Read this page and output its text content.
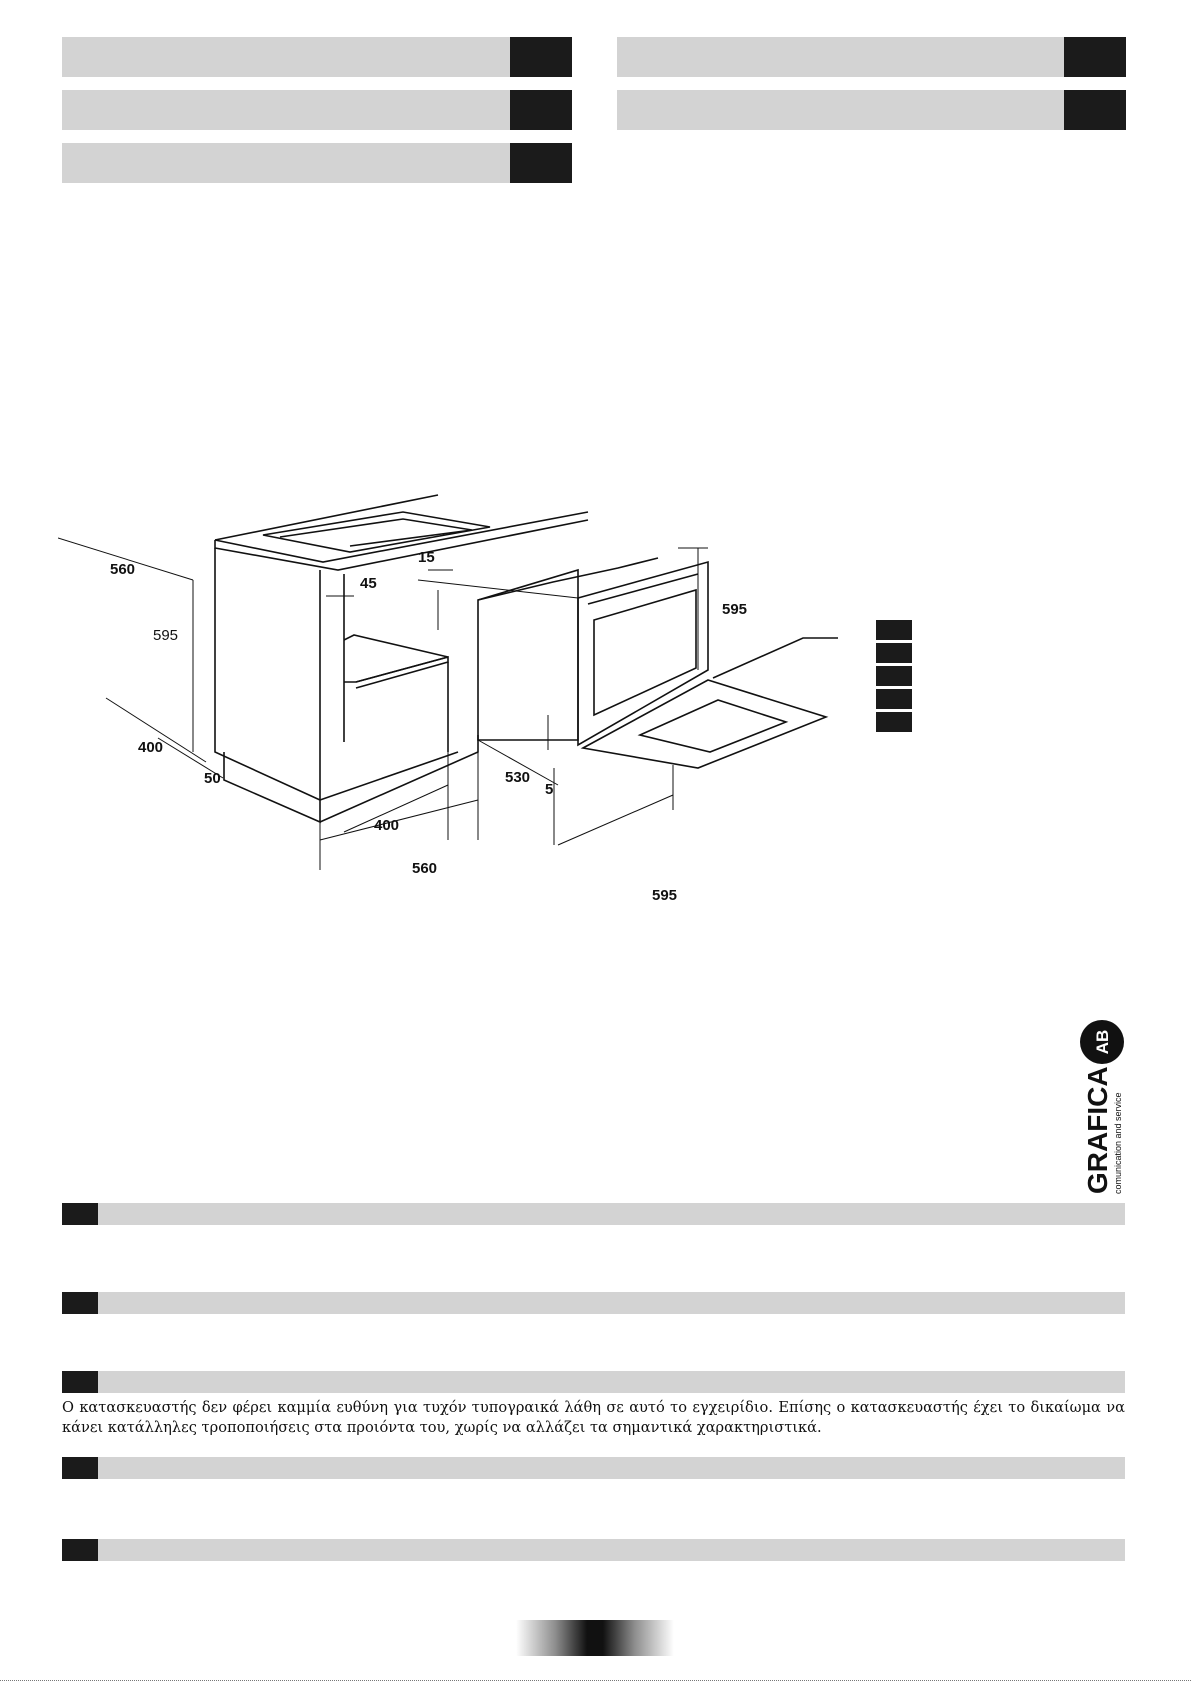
560
595
15
45
400
50
400
560
530
595
5
595
AB
GRAFICA comunication and service

Ο κατασκευαστής δεν φέρει καμμία ευθύνη για τυχόν τυπογραικά λάθη σε αυτό το εγχειρίδιο. Επίσης ο κατασκευαστής έχει το δικαίωμα να κάνει κατάλληλες τροποποιήσεις στα προιόντα του, χωρίς να αλλάζει τα σημαντικά χαρακτηριστικά.
